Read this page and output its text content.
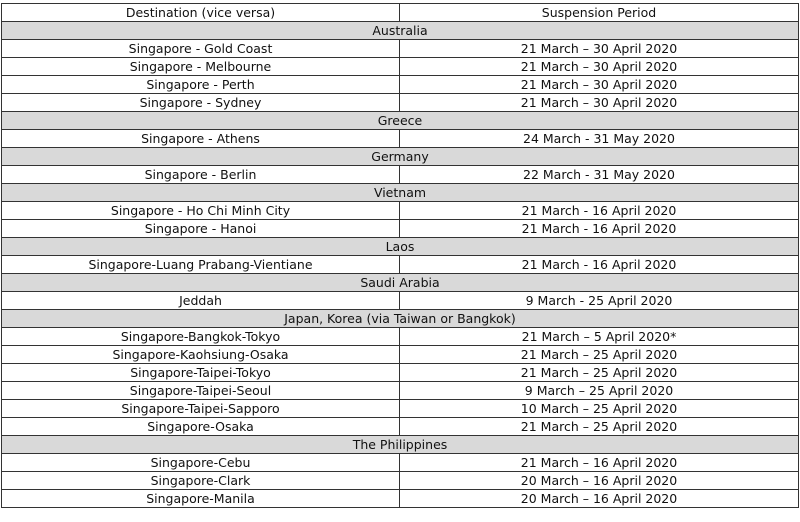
Destination (vice versa)	Suspension Period
Australia	
Singapore - Gold Coast	21 March – 30 April 2020
Singapore - Melbourne	21 March – 30 April 2020
Singapore - Perth	21 March – 30 April 2020
Singapore - Sydney	21 March – 30 April 2020
Greece	
Singapore - Athens	24 March - 31 May 2020
Germany	
Singapore - Berlin	22 March - 31 May 2020
Vietnam	
Singapore - Ho Chi Minh City	21 March - 16 April 2020
Singapore - Hanoi	21 March - 16 April 2020
Laos	
Singapore-Luang Prabang-Vientiane	21 March - 16 April 2020
Saudi Arabia	
Jeddah	9 March - 25 April 2020
Japan, Korea (via Taiwan or Bangkok)	
Singapore-Bangkok-Tokyo	21 March – 5 April 2020*
Singapore-Kaohsiung-Osaka	21 March – 25 April 2020
Singapore-Taipei-Tokyo	21 March – 25 April 2020
Singapore-Taipei-Seoul	9 March – 25 April 2020
Singapore-Taipei-Sapporo	10 March – 25 April 2020
Singapore-Osaka	21 March – 25 April 2020
The Philippines	
Singapore-Cebu	21 March – 16 April 2020
Singapore-Clark	20 March – 16 April 2020
Singapore-Manila	20 March – 16 April 2020
